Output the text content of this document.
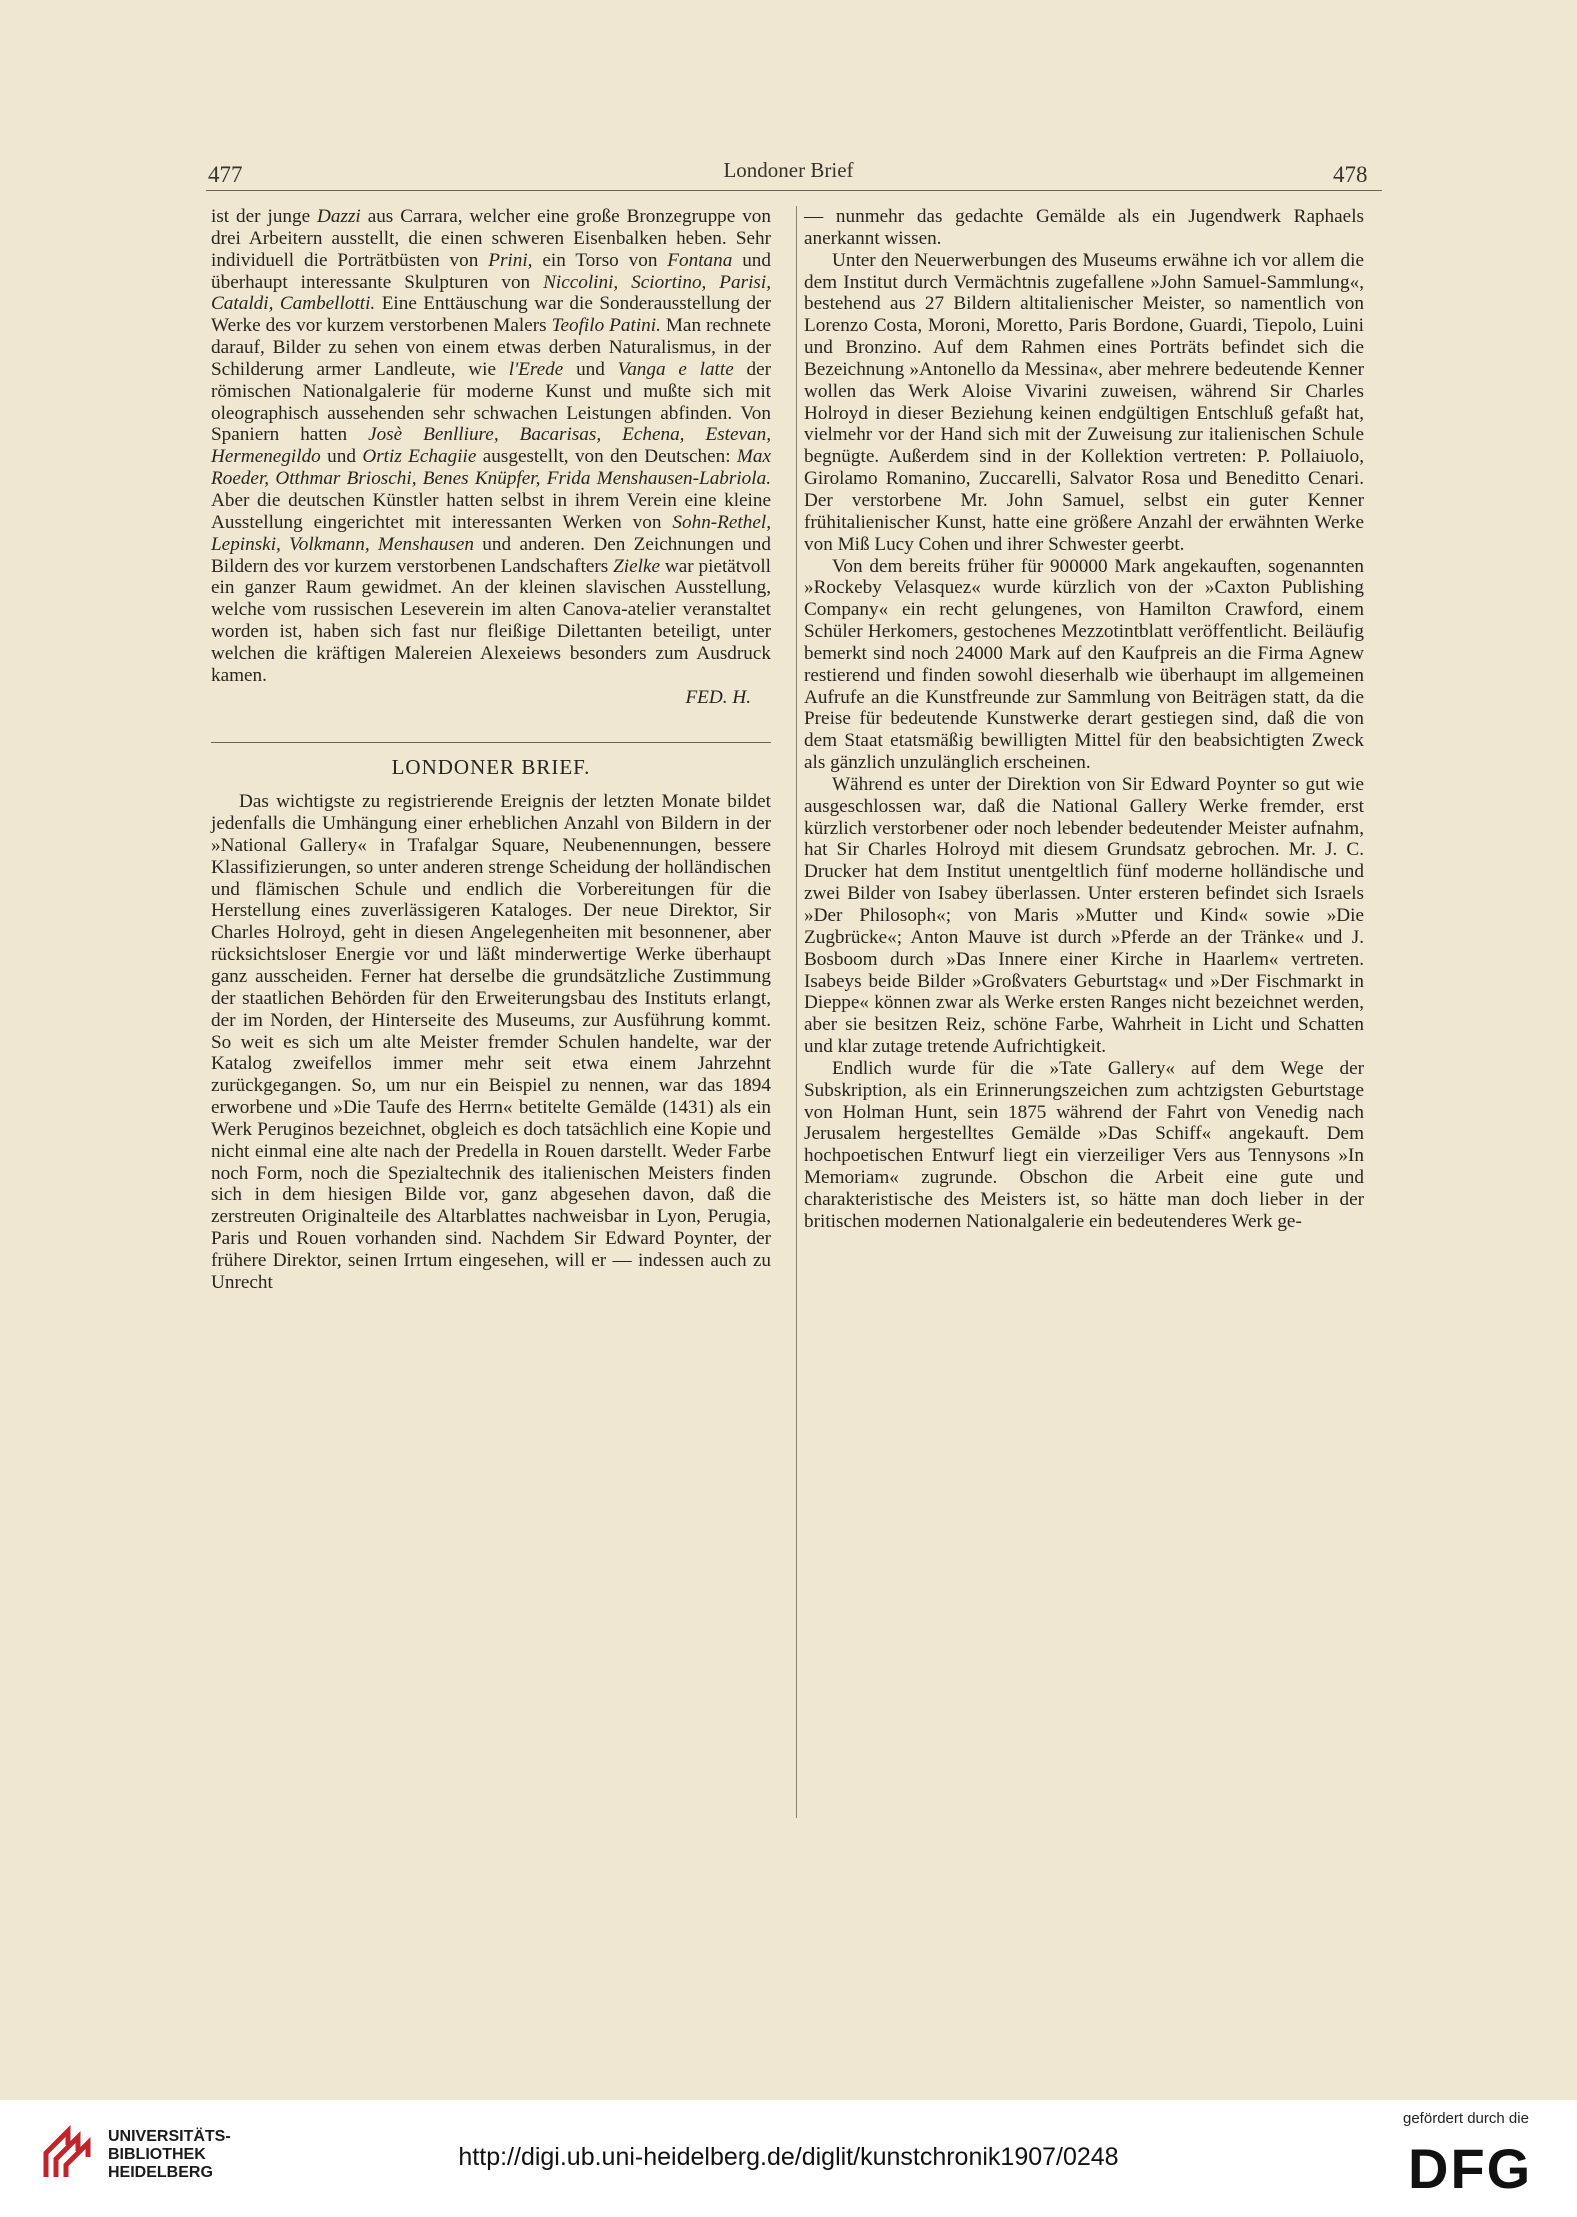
477	Londoner Brief	478

ist der junge Dazzi aus Carrara, welcher eine große Bronzegruppe von drei Arbeitern ausstellt, die einen schweren Eisenbalken heben. Sehr individuell die Porträtbüsten von Prini, ein Torso von Fontana und überhaupt interessante Skulpturen von Niccolini, Sciortino, Parisi, Cataldi, Cambellotti. Eine Enttäuschung war die Sonderausstellung der Werke des vor kurzem verstorbenen Malers Teofilo Patini. Man rechnete darauf, Bilder zu sehen von einem etwas derben Naturalismus, in der Schilderung armer Landleute, wie l'Erede und Vanga e latte der römischen Nationalgalerie für moderne Kunst und mußte sich mit oleographisch aussehenden sehr schwachen Leistungen abfinden. Von Spaniern hatten Josè Benlliure, Bacarisas, Echena, Estevan, Hermenegildo und Ortiz Echagiie ausgestellt, von den Deutschen: Max Roeder, Otthmar Brioschi, Benes Knüpfer, Frida Menshausen-Labriola. Aber die deutschen Künstler hatten selbst in ihrem Verein eine kleine Ausstellung eingerichtet mit interessanten Werken von Sohn-Rethel, Lepinski, Volkmann, Menshausen und anderen. Den Zeichnungen und Bildern des vor kurzem verstorbenen Landschafters Zielke war pietätvoll ein ganzer Raum gewidmet. An der kleinen slavischen Ausstellung, welche vom russischen Leseverein im alten Canova-atelier veranstaltet worden ist, haben sich fast nur fleißige Dilettanten beteiligt, unter welchen die kräftigen Malereien Alexeiews besonders zum Ausdruck kamen.

FED. H.
LONDONER BRIEF.

Das wichtigste zu registrierende Ereignis der letzten Monate bildet jedenfalls die Umhängung einer erheblichen Anzahl von Bildern in der »National Gallery« in Trafalgar Square, Neubenennungen, bessere Klassifizierungen, so unter anderen strenge Scheidung der holländischen und flämischen Schule und endlich die Vorbereitungen für die Herstellung eines zuverlässigeren Kataloges. Der neue Direktor, Sir Charles Holroyd, geht in diesen Angelegenheiten mit besonnener, aber rücksichtsloser Energie vor und läßt minderwertige Werke überhaupt ganz ausscheiden. Ferner hat derselbe die grundsätzliche Zustimmung der staatlichen Behörden für den Erweiterungsbau des Instituts erlangt, der im Norden, der Hinterseite des Museums, zur Ausführung kommt. So weit es sich um alte Meister fremder Schulen handelte, war der Katalog zweifellos immer mehr seit etwa einem Jahrzehnt zurückgegangen. So, um nur ein Beispiel zu nennen, war das 1894 erworbene und »Die Taufe des Herrn« betitelte Gemälde (1431) als ein Werk Peruginos bezeichnet, obgleich es doch tatsächlich eine Kopie und nicht einmal eine alte nach der Predella in Rouen darstellt. Weder Farbe noch Form, noch die Spezialtechnik des italienischen Meisters finden sich in dem hiesigen Bilde vor, ganz abgesehen davon, daß die zerstreuten Originalteile des Altarblattes nachweisbar in Lyon, Perugia, Paris und Rouen vorhanden sind. Nachdem Sir Edward Poynter, der frühere Direktor, seinen Irrtum eingesehen, will er — indessen auch zu Unrecht

— nunmehr das gedachte Gemälde als ein Jugendwerk Raphaels anerkannt wissen.

Unter den Neuerwerbungen des Museums erwähne ich vor allem die dem Institut durch Vermächtnis zugefallene »John Samuel-Sammlung«, bestehend aus 27 Bildern altitalienischer Meister, so namentlich von Lorenzo Costa, Moroni, Moretto, Paris Bordone, Guardi, Tiepolo, Luini und Bronzino. Auf dem Rahmen eines Porträts befindet sich die Bezeichnung »Antonello da Messina«, aber mehrere bedeutende Kenner wollen das Werk Aloise Vivarini zuweisen, während Sir Charles Holroyd in dieser Beziehung keinen endgültigen Entschluß gefaßt hat, vielmehr vor der Hand sich mit der Zuweisung zur italienischen Schule begnügte. Außerdem sind in der Kollektion vertreten: P. Pollaiuolo, Girolamo Romanino, Zuccarelli, Salvator Rosa und Beneditto Cenari. Der verstorbene Mr. John Samuel, selbst ein guter Kenner frühitalienischer Kunst, hatte eine größere Anzahl der erwähnten Werke von Miß Lucy Cohen und ihrer Schwester geerbt.

Von dem bereits früher für 900000 Mark angekauften, sogenannten »Rockeby Velasquez« wurde kürzlich von der »Caxton Publishing Company« ein recht gelungenes, von Hamilton Crawford, einem Schüler Herkomers, gestochenes Mezzotintblatt veröffentlicht. Beiläufig bemerkt sind noch 24000 Mark auf den Kaufpreis an die Firma Agnew restierend und finden sowohl dieserhalb wie überhaupt im allgemeinen Aufrufe an die Kunstfreunde zur Sammlung von Beiträgen statt, da die Preise für bedeutende Kunstwerke derart gestiegen sind, daß die von dem Staat etatsmäßig bewilligten Mittel für den beabsichtigten Zweck als gänzlich unzulänglich erscheinen.

Während es unter der Direktion von Sir Edward Poynter so gut wie ausgeschlossen war, daß die National Gallery Werke fremder, erst kürzlich verstorbener oder noch lebender bedeutender Meister aufnahm, hat Sir Charles Holroyd mit diesem Grundsatz gebrochen. Mr. J. C. Drucker hat dem Institut unentgeltlich fünf moderne holländische und zwei Bilder von Isabey überlassen. Unter ersteren befindet sich Israels »Der Philosoph«; von Maris »Mutter und Kind« sowie »Die Zugbrücke«; Anton Mauve ist durch »Pferde an der Tränke« und J. Bosboom durch »Das Innere einer Kirche in Haarlem« vertreten. Isabeys beide Bilder »Großvaters Geburtstag« und »Der Fischmarkt in Dieppe« können zwar als Werke ersten Ranges nicht bezeichnet werden, aber sie besitzen Reiz, schöne Farbe, Wahrheit in Licht und Schatten und klar zutage tretende Aufrichtigkeit.

Endlich wurde für die »Tate Gallery« auf dem Wege der Subskription, als ein Erinnerungszeichen zum achtzigsten Geburtstage von Holman Hunt, sein 1875 während der Fahrt von Venedig nach Jerusalem hergestelltes Gemälde »Das Schiff« angekauft. Dem hochpoetischen Entwurf liegt ein vierzeiliger Vers aus Tennysons »In Memoriam« zugrunde. Obschon die Arbeit eine gute und charakteristische des Meisters ist, so hätte man doch lieber in der britischen modernen Nationalgalerie ein bedeutenderes Werk ge-

UNIVERSITÄTS-
BIBLIOTHEK
HEIDELBERG
http://digi.ub.uni-heidelberg.de/diglit/kunstchronik1907/0248
gefördert durch die
DFG
